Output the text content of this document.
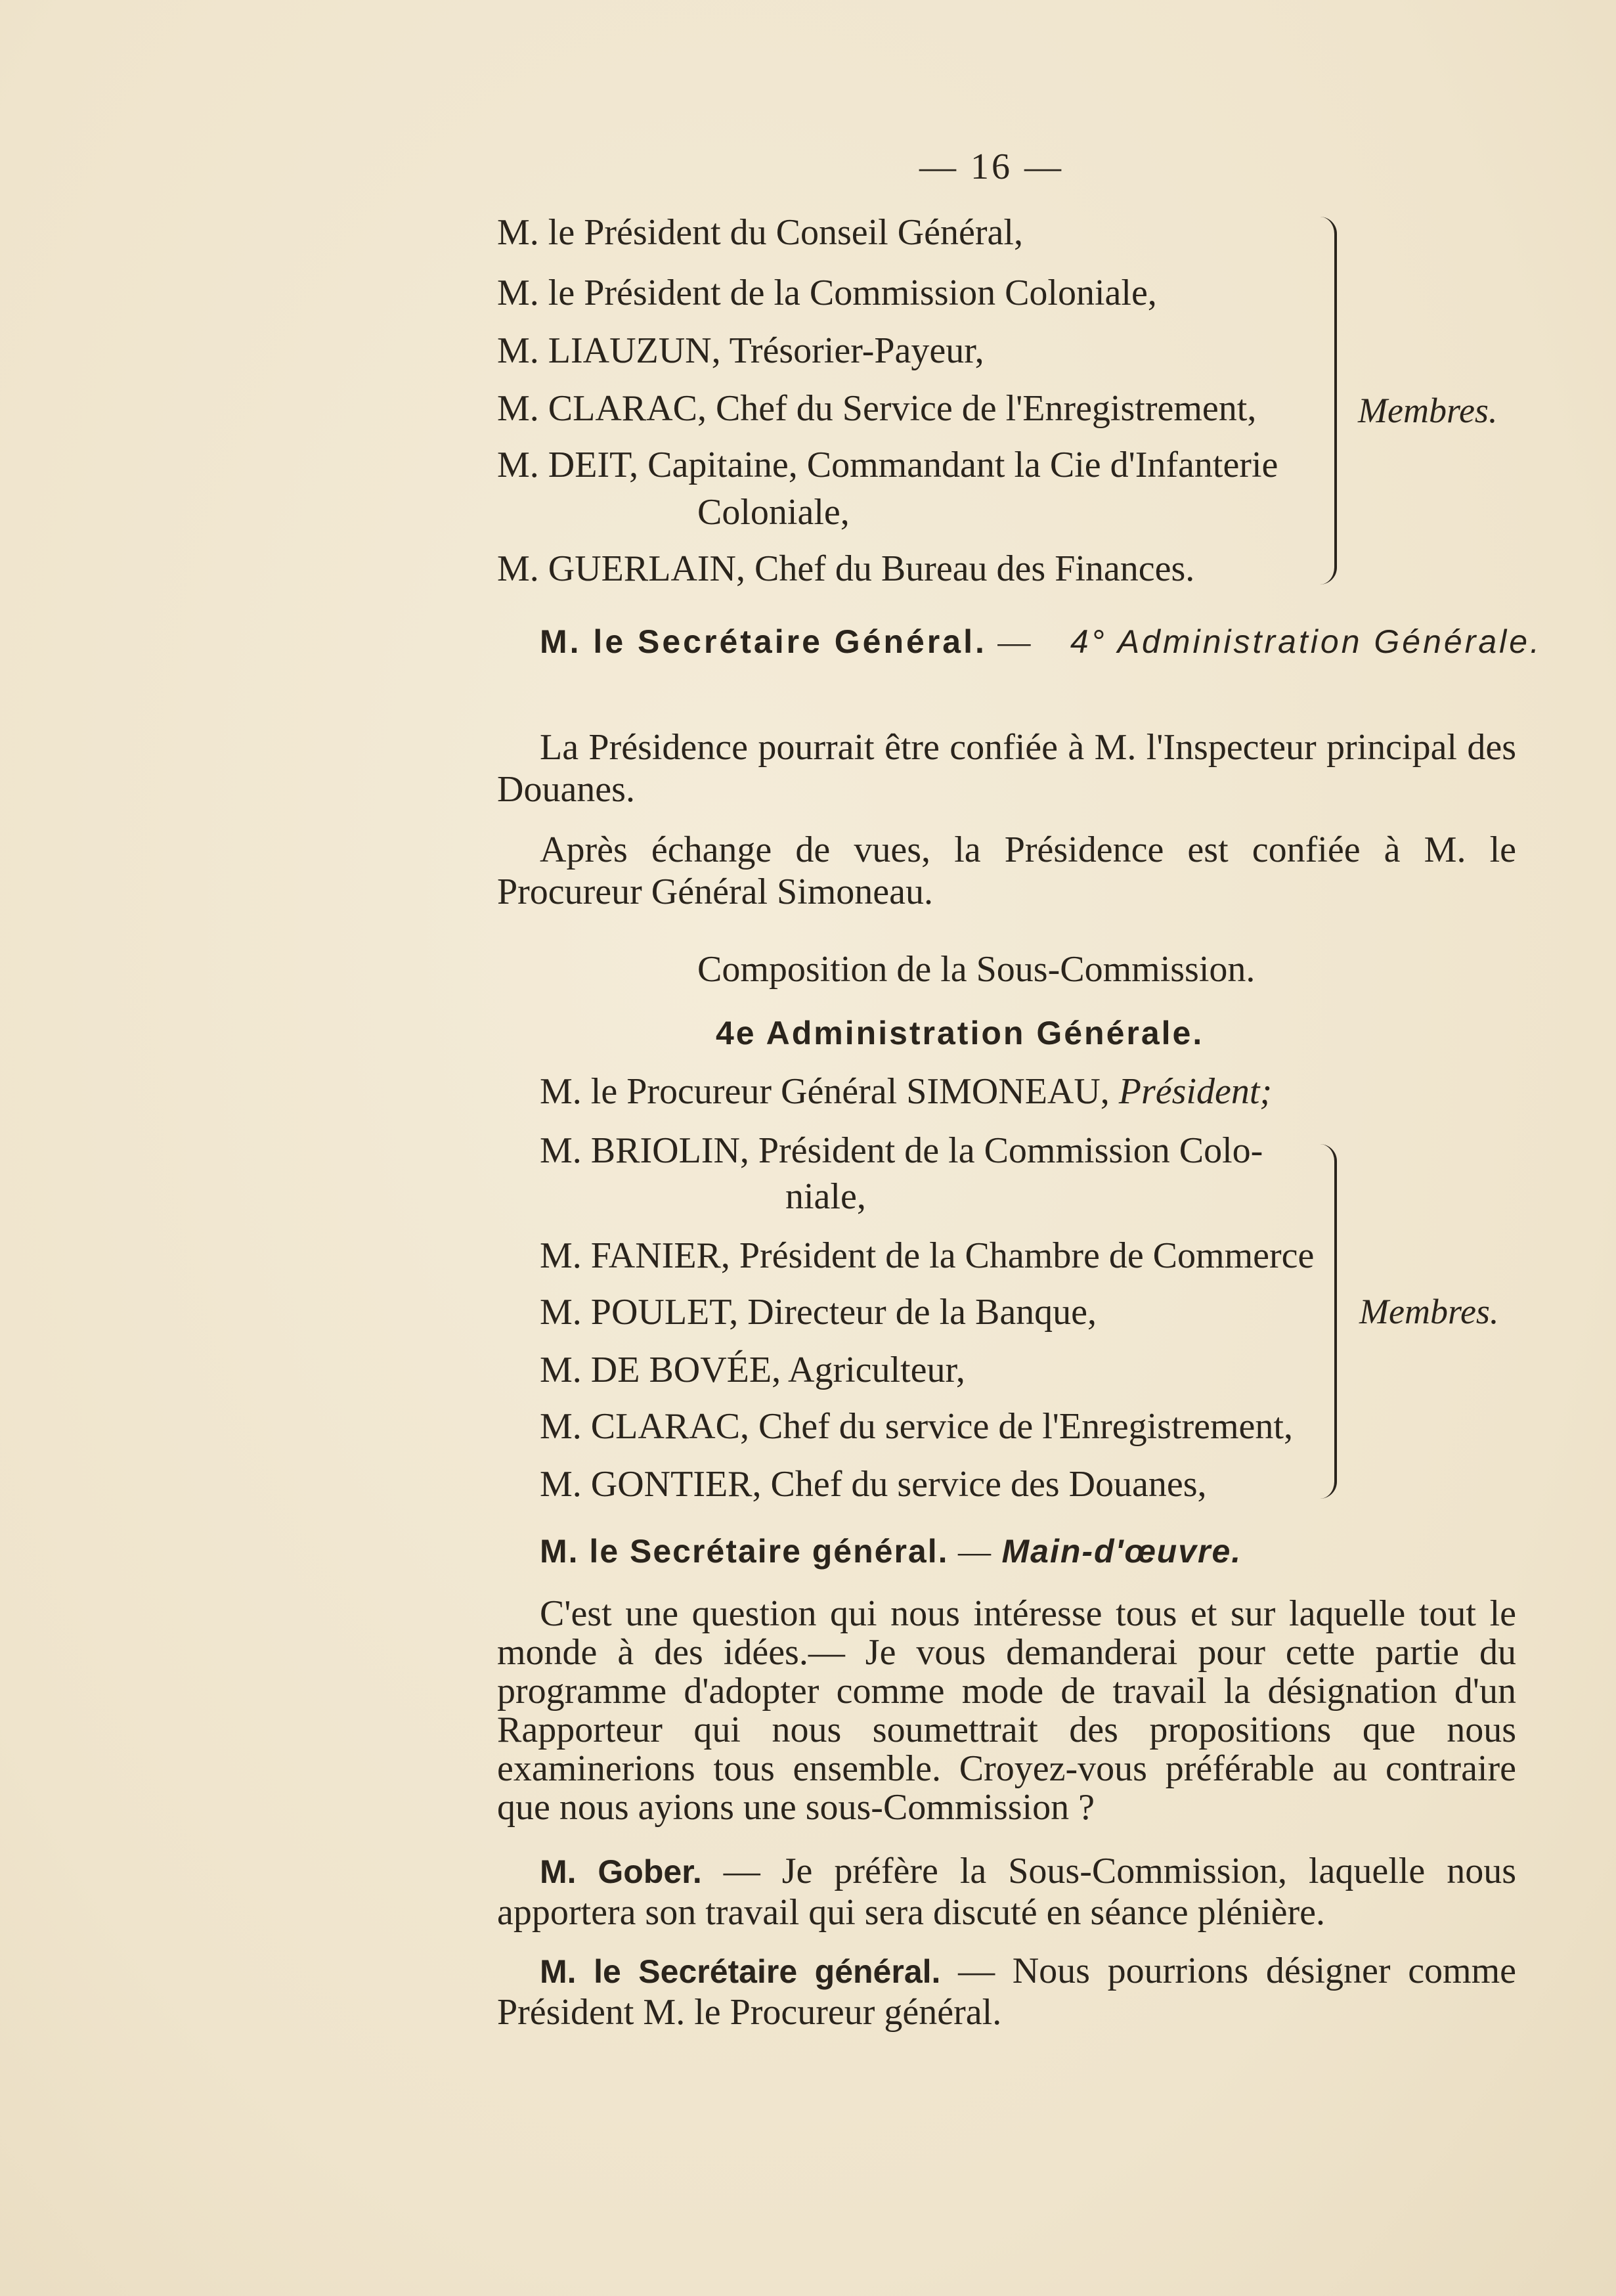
— 16 —
M. le Président du Conseil Général,
M. le Président de la Commission Coloniale,
M. LIAUZUN, Trésorier-Payeur,
M. CLARAC, Chef du Service de l'Enregistrement,
M. DEIT, Capitaine, Commandant la Cie d'Infanterie
Coloniale,
M. GUERLAIN, Chef du Bureau des Finances.
Membres.
M. le Secrétaire Général. — 4° Administration Générale.
La Présidence pourrait être confiée à M. l'Inspecteur principal des Douanes.
Après échange de vues, la Présidence est confiée à M. le Procureur Général Simoneau.
Composition de la Sous-Commission.
4e Administration Générale.
M. le Procureur Général SIMONEAU, Président;
M. BRIOLIN, Président de la Commission Colo-
niale,
M. FANIER, Président de la Chambre de Commerce
M. POULET, Directeur de la Banque,
M. DE BOVÉE, Agriculteur,
M. CLARAC, Chef du service de l'Enregistrement,
M. GONTIER, Chef du service des Douanes,
Membres.
M. le Secrétaire général. — Main-d'œuvre.
C'est une question qui nous intéresse tous et sur laquelle tout le monde à des idées.— Je vous demanderai pour cette partie du programme d'adopter comme mode de travail la désignation d'un Rapporteur qui nous soumettrait des propositions que nous examinerions tous ensemble. Croyez-vous préférable au contraire que nous ayions une sous-Commission ?
M. Gober. — Je préfère la Sous-Commission, laquelle nous apportera son travail qui sera discuté en séance plénière.
M. le Secrétaire général. — Nous pourrions désigner comme Président M. le Procureur général.
